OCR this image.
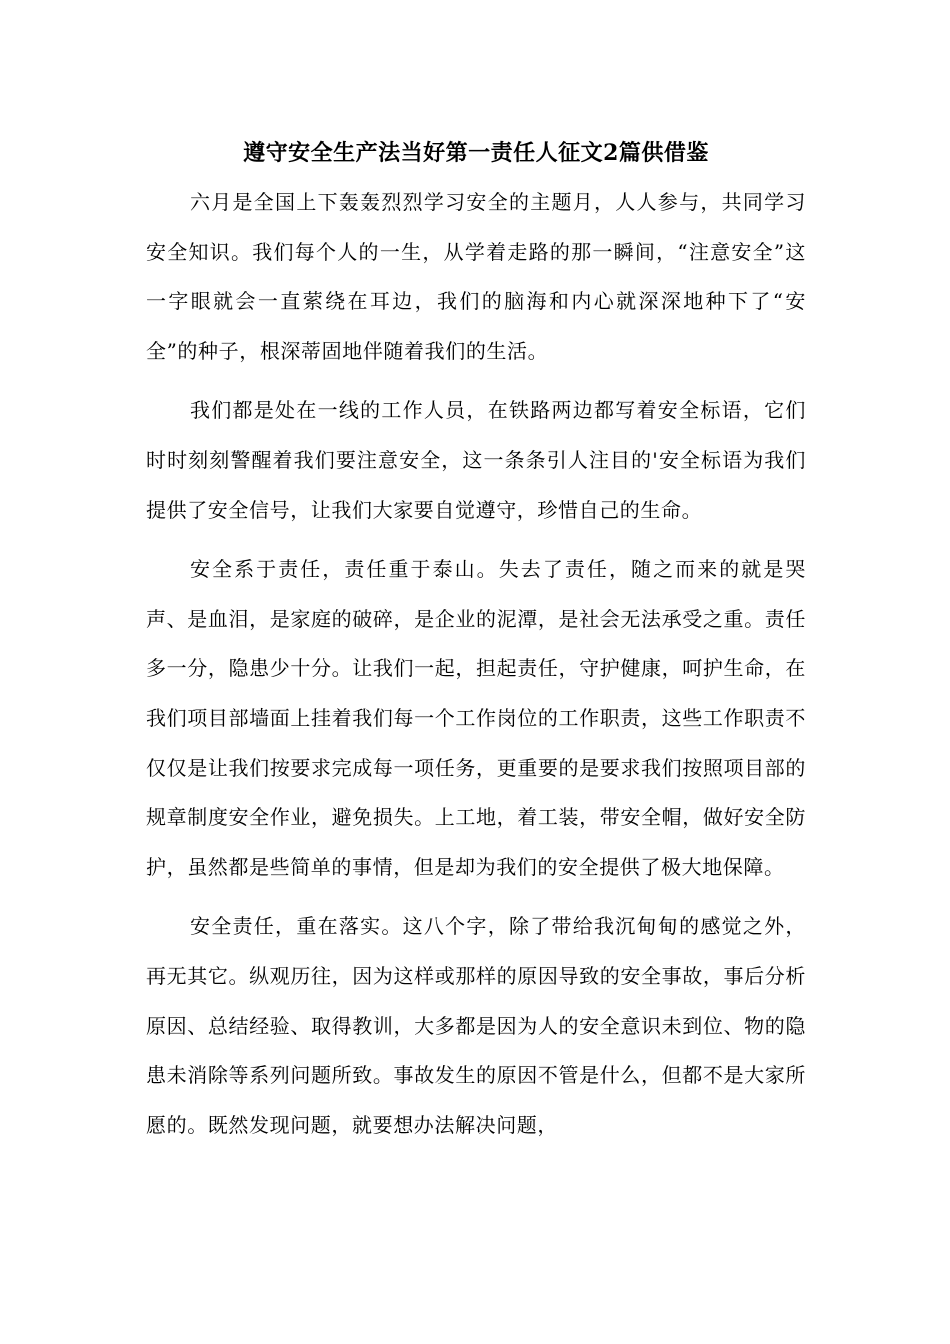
遵守安全生产法当好第一责任人征文2篇供借鉴

六月是全国上下轰轰烈烈学习安全的主题月，人人参与，共同学习安全知识。我们每个人的一生，从学着走路的那一瞬间，“注意安全”这一字眼就会一直萦绕在耳边，我们的脑海和内心就深深地种下了“安全”的种子，根深蒂固地伴随着我们的生活。

我们都是处在一线的工作人员，在铁路两边都写着安全标语，它们时时刻刻警醒着我们要注意安全，这一条条引人注目的'安全标语为我们提供了安全信号，让我们大家要自觉遵守，珍惜自己的生命。

安全系于责任，责任重于泰山。失去了责任，随之而来的就是哭声、是血泪，是家庭的破碎，是企业的泥潭，是社会无法承受之重。责任多一分，隐患少十分。让我们一起，担起责任，守护健康，呵护生命，在我们项目部墙面上挂着我们每一个工作岗位的工作职责，这些工作职责不仅仅是让我们按要求完成每一项任务，更重要的是要求我们按照项目部的规章制度安全作业，避免损失。上工地，着工装，带安全帽，做好安全防护，虽然都是些简单的事情，但是却为我们的安全提供了极大地保障。

安全责任，重在落实。这八个字，除了带给我沉甸甸的感觉之外，再无其它。纵观历往，因为这样或那样的原因导致的安全事故，事后分析原因、总结经验、取得教训，大多都是因为人的安全意识未到位、物的隐患未消除等系列问题所致。事故发生的原因不管是什么，但都不是大家所愿的。既然发现问题，就要想办法解决问题，
